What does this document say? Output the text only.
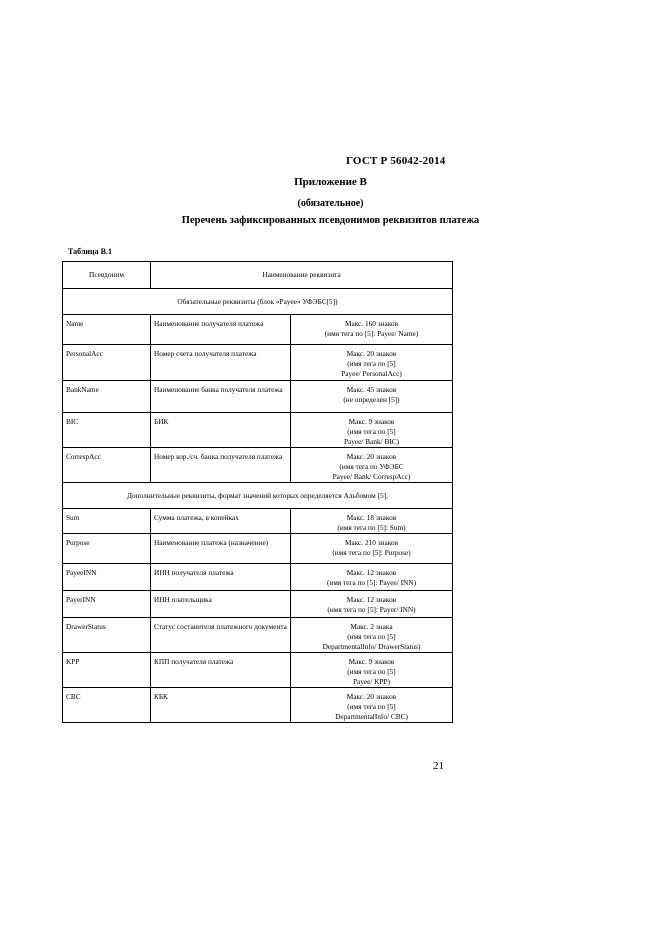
ГОСТ Р 56042-2014
Приложение В
(обязательное)
Перечень зафиксированных псевдонимов реквизитов платежа
Таблица В.1
Псевдоним	Наименование реквизита	
Обязательные реквизиты (блок «Payee» УФЭБС[5])		
Name	Наименование получателя платежа	Макс. 160 знаков
(имя тега по [5]: Payee/ Name)

PersonalAcc	Номер счета получателя платежа	Макс. 20 знаков
(имя тега по [5]
Payee/ PersonalAcc)

BankName	Наименование банка получателя платежа	Макс. 45 знаков
(не определен [5])

BIC	БИК	Макс. 9 знаков
(имя тега по [5]
Payee/ Bank/ BIC)

CorrespAcc	Номер кор./сч. банка получателя платежа	Макс. 20 знаков
(имя тега по УФЭБС
Payee/ Bank/ CorrespAcc)

Дополнительные реквизиты, формат значений которых определяется Альбомом [5].		
Sum	Сумма платежа, в копейках	Макс. 18 знаков
(имя тега по [5]: Sum)

Purpose	Наименование платежа (назначение)	Макс. 210 знаков
(имя тега по [5]: Purpose)

PayeeINN	ИНН получателя платежа	Макс. 12 знаков
(имя тега по [5]: Payee/ INN)

PayerINN	ИНН плательщика	Макс. 12 знаков
(имя тега по [5]: Payer/ INN)

DrawerStatus	Статус составителя платежного документа	Макс. 2 знака
(имя тега по [5]
DepartmentalInfo/ DrawerStatus)

KPP	КПП получателя платежа	Макс. 9 знаков
(имя тега по [5]
Payee/ KPP)

CBC	КБК	Макс. 20 знаков
(имя тега по [5]
DepartmentalInfo/ CBC)
21
